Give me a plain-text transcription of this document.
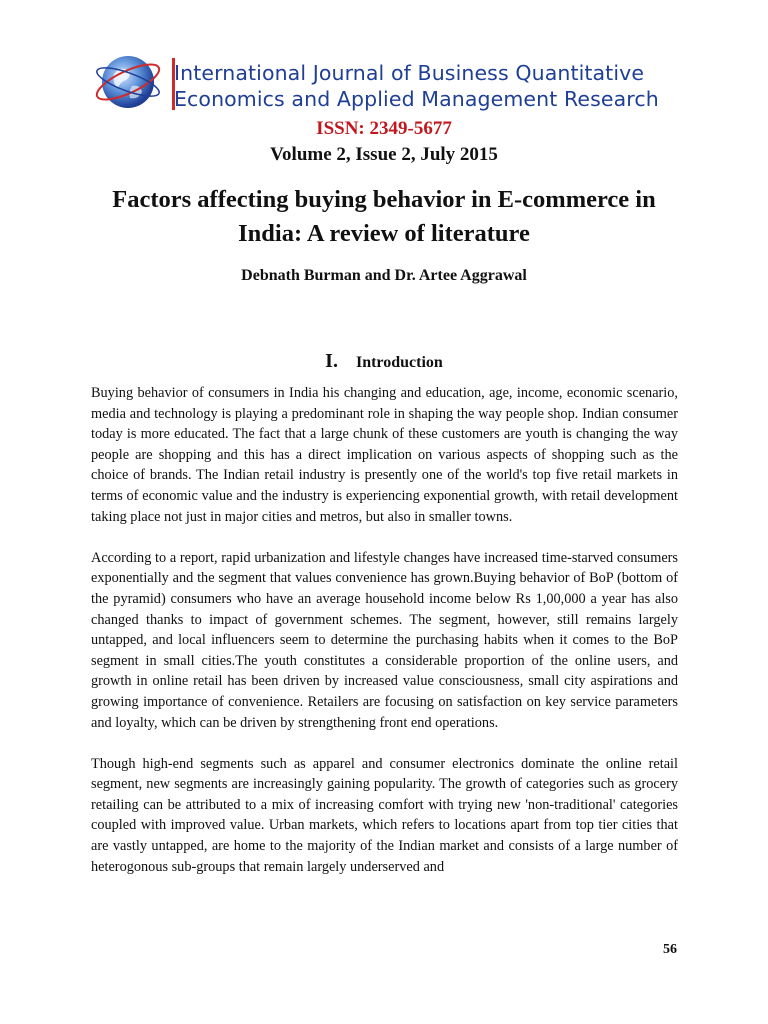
International Journal of Business Quantitative
Economics and Applied Management Research
ISSN: 2349-5677
Volume 2, Issue 2, July 2015
Factors affecting buying behavior in E-commerce in
India: A review of literature
Debnath Burman and Dr. Artee Aggrawal
I. Introduction

Buying behavior of consumers in India his changing and education, age, income, economic scenario, media and technology is playing a predominant role in shaping the way people shop. Indian consumer today is more educated. The fact that a large chunk of these customers are youth is changing the way people are shopping and this has a direct implication on various aspects of shopping such as the choice of brands. The Indian retail industry is presently one of the world's top five retail markets in terms of economic value and the industry is experiencing exponential growth, with retail development taking place not just in major cities and metros, but also in smaller towns.

According to a report, rapid urbanization and lifestyle changes have increased time-starved consumers exponentially and the segment that values convenience has grown.Buying behavior of BoP (bottom of the pyramid) consumers who have an average household income below Rs 1,00,000 a year has also changed thanks to impact of government schemes. The segment, however, still remains largely untapped, and local influencers seem to determine the purchasing habits when it comes to the BoP segment in small cities.The youth constitutes a considerable proportion of the online users, and growth in online retail has been driven by increased value consciousness, small city aspirations and growing importance of convenience. Retailers are focusing on satisfaction on key service parameters and loyalty, which can be driven by strengthening front end operations.

Though high-end segments such as apparel and consumer electronics dominate the online retail segment, new segments are increasingly gaining popularity. The growth of categories such as grocery retailing can be attributed to a mix of increasing comfort with trying new 'non-traditional' categories coupled with improved value. Urban markets, which refers to locations apart from top tier cities that are vastly untapped, are home to the majority of the Indian market and consists of a large number of heterogonous sub-groups that remain largely underserved and

56
